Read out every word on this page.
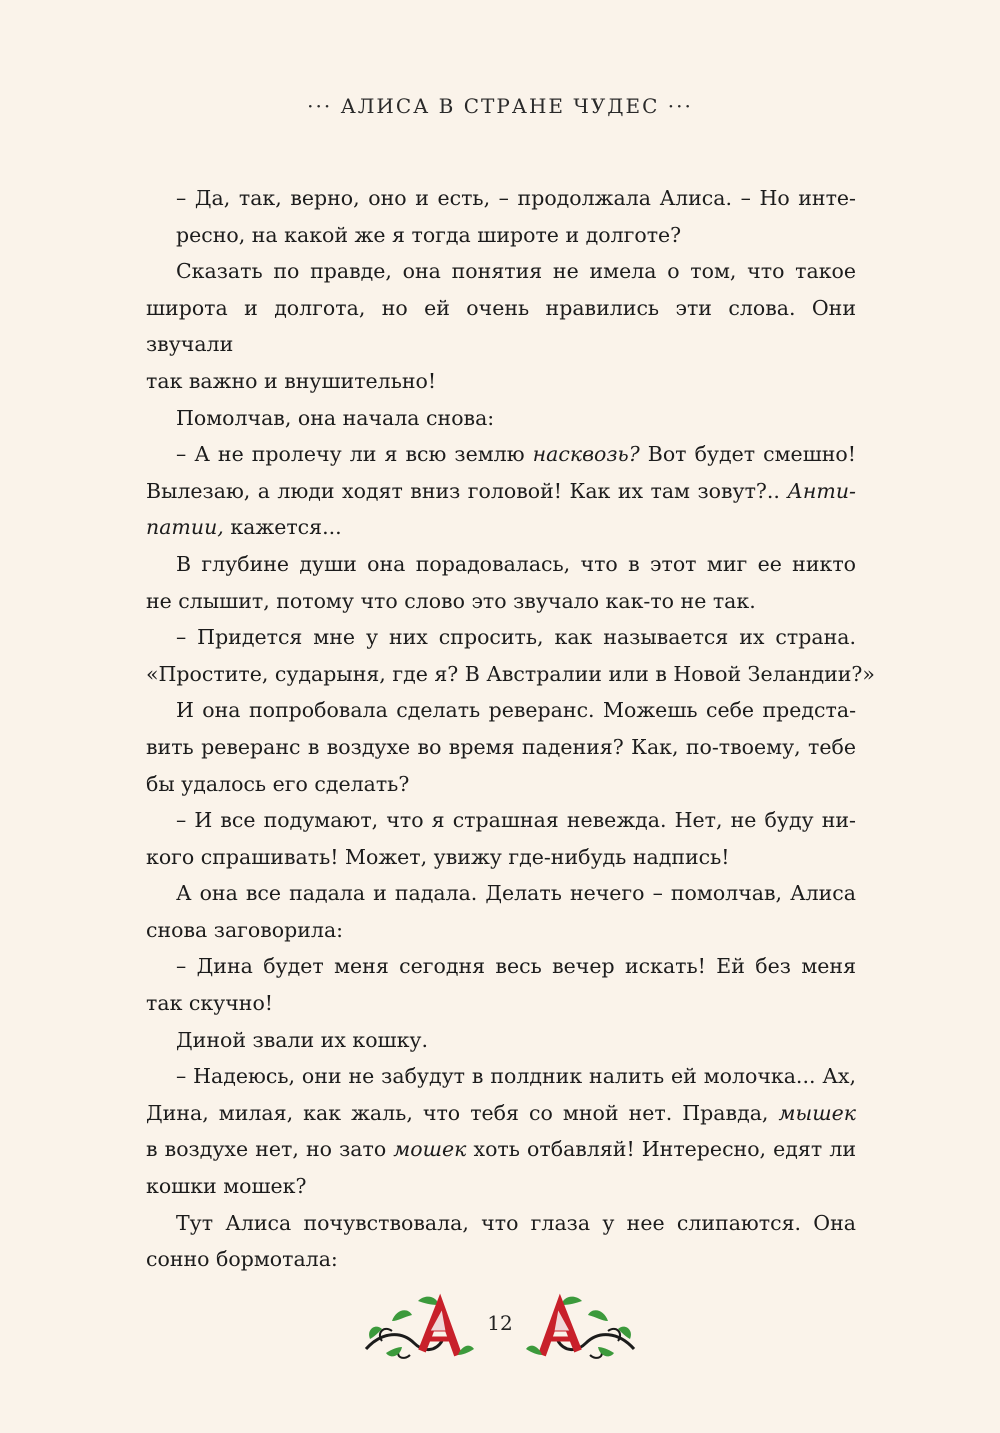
··· АЛИСА В СТРАНЕ ЧУДЕС ···

– Да, так, верно, оно и есть, – продолжала Алиса. – Но инте-
ресно, на какой же я тогда широте и долготе?

Сказать по правде, она понятия не имела о том, что такое
широта и долгота, но ей очень нравились эти слова. Они звучали
так важно и внушительно!

Помолчав, она начала снова:

– А не пролечу ли я всю землю насквозь? Вот будет смешно!
Вылезаю, а люди ходят вниз головой! Как их там зовут?.. Анти-
патии, кажется...

В глубине души она порадовалась, что в этот миг ее никто
не слышит, потому что слово это звучало как-то не так.

– Придется мне у них спросить, как называется их страна.
«Простите, сударыня, где я? В Австралии или в Новой Зеландии?»

И она попробовала сделать реверанс. Можешь себе предста-
вить реверанс в воздухе во время падения? Как, по-твоему, тебе
бы удалось его сделать?

– И все подумают, что я страшная невежда. Нет, не буду ни-
кого спрашивать! Может, увижу где-нибудь надпись!

А она все падала и падала. Делать нечего – помолчав, Алиса
снова заговорила:

– Дина будет меня сегодня весь вечер искать! Ей без меня
так скучно!

Диной звали их кошку.

– Надеюсь, они не забудут в полдник налить ей молочка... Ах,
Дина, милая, как жаль, что тебя со мной нет. Правда, мышек
в воздухе нет, но зато мошек хоть отбавляй! Интересно, едят ли
кошки мошек?

Тут Алиса почувствовала, что глаза у нее слипаются. Она
сонно бормотала:

12
